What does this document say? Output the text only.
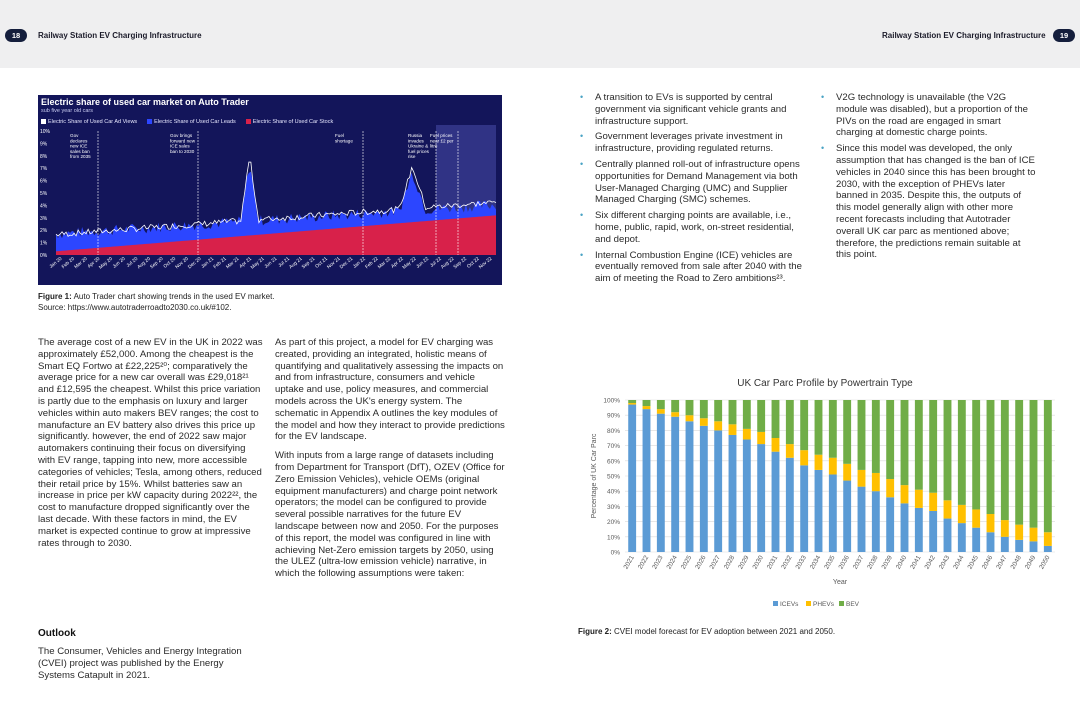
18	Railway Station EV Charging Infrastructure	Railway Station EV Charging Infrastructure	19
0%
1%
2%
3%
4%
5%
6%
7%
8%
9%
10%
Gov declares new ICE sales ban from 2035
Gov brings forward new ICE sales ban to 2030
Fuel shortage
Russia invades Ukraine & fuel prices rise
Fuel prices near £2 per litre
Jan 20
Feb 20
Mar 20
Apr 20
May 20
Jun 20 Jul 20
Aug 20
Sep 20
Oct 20
Nov 20
Dec 20
Jan 21
Feb 21
Mar 21
Apr 21
May 21
Jun 21 Jul 21
Aug 21
Sep 21
Oct 21
Nov 21
Dec 21
Jan 22
Feb 22
Mar 22
Apr 22
May 22
Jun 22 Jul 22
Aug 22
Sep 22
Oct 22
Nov 22
Electric share of used car market on Auto Trader
sub five year old cars
Electric Share of Used Car Ad Views	Electric Share of Used Car Leads	Electric Share of Used Car Stock
Figure 1: Auto Trader chart showing trends in the used EV market.
Source: https://www.autotraderroadto2030.co.uk/#102.

The average cost of a new EV in the UK in 2022 was approximately £52,000. Among the cheapest is the Smart EQ Fortwo at £22,225²⁰; comparatively the average price for a new car overall was £29,018²¹ and £12,595 the cheapest. Whilst this price variation is partly due to the emphasis on luxury and larger vehicles within auto makers BEV ranges; the cost to manufacture an EV battery also drives this price up significantly. however, the end of 2022 saw major automakers continuing their focus on diversifying with EV range, tapping into new, more accessible categories of vehicles; Tesla, among others, reduced their retail price by 15%. Whilst batteries saw an increase in price per kW capacity during 2022²², the cost to manufacture dropped significantly over the last decade. With these factors in mind, the EV market is expected continue to grow at impressive rates through to 2030.

Outlook
The Consumer, Vehicles and Energy Integration (CVEI) project was published by the Energy Systems Catapult in 2021.

As part of this project, a model for EV charging was created, providing an integrated, holistic means of quantifying and qualitatively assessing the impacts on and from infrastructure, consumers and vehicle uptake and use, policy measures, and commercial models across the UK's energy system. The schematic in Appendix A outlines the key modules of the model and how they interact to provide predictions for the EV landscape.

With inputs from a large range of datasets including from Department for Transport (DfT), OZEV (Office for Zero Emission Vehicles), vehicle OEMs (original equipment manufacturers) and charge point network operators; the model can be configured to provide several possible narratives for the future EV landscape between now and 2050. For the purposes of this report, the model was configured in line with achieving Net-Zero emission targets by 2050, using the ULEZ (ultra-low emission vehicle) narrative, in which the following assumptions were taken:

• A transition to EVs is supported by central government via significant vehicle grants and infrastructure support.
• Government leverages private investment in infrastructure, providing regulated returns.
• Centrally planned roll-out of infrastructure opens opportunities for Demand Management via both User-Managed Charging (UMC) and Supplier Managed Charging (SMC) schemes.
• Six different charging points are available, i.e., home, public, rapid, work, on-street residential, and depot.
• Internal Combustion Engine (ICE) vehicles are eventually removed from sale after 2040 with the aim of meeting the Road to Zero ambitions²³.
• V2G technology is unavailable (the V2G module was disabled), but a proportion of the PIVs on the road are engaged in smart charging at domestic charge points.
• Since this model was developed, the only assumption that has changed is the ban of ICE vehicles in 2040 since this has been brought to 2030, with the exception of PHEVs later banned in 2035. Despite this, the outputs of this model generally align with other more recent forecasts including that Autotrader overall UK car parc as mentioned above; therefore, the predictions remain suitable at this point.
UK Car Parc Profile by Powertrain Type
0%
10%
20%
30%
40%
50%
60%
70%
80%
90%
100%
2021 2022 2023 2024 2025 2026 2027 2028 2029 2030 2031 2032 2033 2034 2035 2036 2037 2038 2039 2040 2041 2042 2043 2044 2045 2046 2047 2048 2049 2050
Year
Percentage of UK Car Parc
ICEVs PHEVs BEV
Figure 2: CVEI model forecast for EV adoption between 2021 and 2050.
